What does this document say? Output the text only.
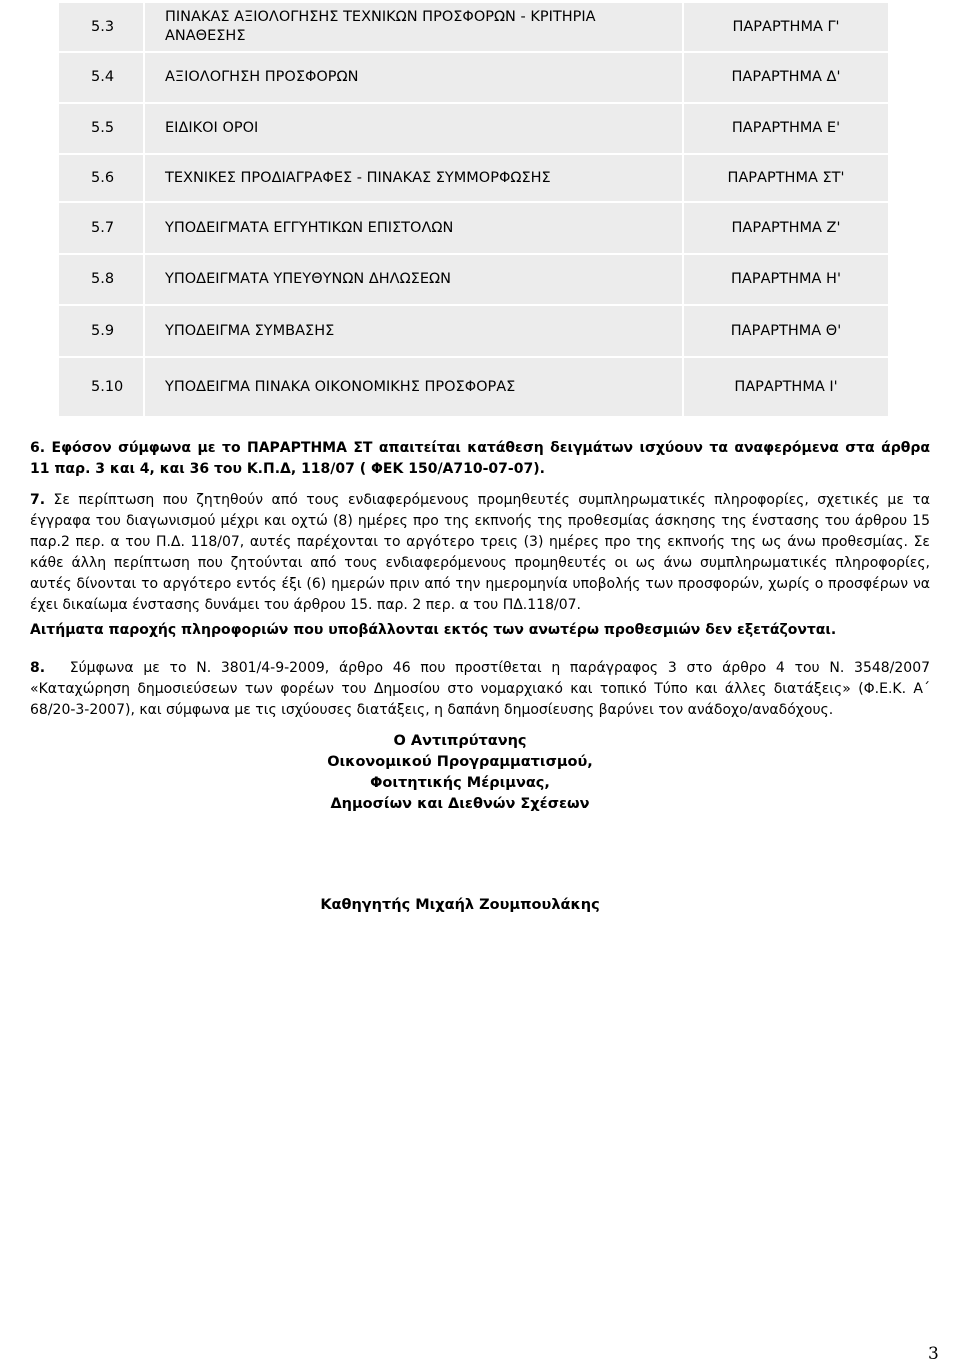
5.3	ΠΙΝΑΚΑΣ ΑΞΙΟΛΟΓΗΣΗΣ ΤΕΧΝΙΚΩΝ ΠΡΟΣΦΟΡΩΝ - ΚΡΙΤΗΡΙΑ ΑΝΑΘΕΣΗΣ	ΠΑΡΑΡΤΗΜΑ Γ'
5.4	ΑΞΙΟΛΟΓΗΣΗ ΠΡΟΣΦΟΡΩΝ	ΠΑΡΑΡΤΗΜΑ Δ'
5.5	ΕΙΔΙΚΟΙ ΟΡΟΙ	ΠΑΡΑΡΤΗΜΑ Ε'
5.6	ΤΕΧΝΙΚΕΣ ΠΡΟΔΙΑΓΡΑΦΕΣ - ΠΙΝΑΚΑΣ ΣΥΜΜΟΡΦΩΣΗΣ	ΠΑΡΑΡΤΗΜΑ ΣΤ'
5.7	ΥΠΟΔΕΙΓΜΑΤΑ ΕΓΓΥΗΤΙΚΩΝ ΕΠΙΣΤΟΛΩΝ	ΠΑΡΑΡΤΗΜΑ Ζ'
5.8	ΥΠΟΔΕΙΓΜΑΤΑ ΥΠΕΥΘΥΝΩΝ ΔΗΛΩΣΕΩΝ	ΠΑΡΑΡΤΗΜΑ Η'
5.9	ΥΠΟΔΕΙΓΜΑ ΣΥΜΒΑΣΗΣ	ΠΑΡΑΡΤΗΜΑ Θ'
5.10	ΥΠΟΔΕΙΓΜΑ ΠΙΝΑΚΑ ΟΙΚΟΝΟΜΙΚΗΣ ΠΡΟΣΦΟΡΑΣ	ΠΑΡΑΡΤΗΜΑ Ι'
6. Εφόσον σύμφωνα με το ΠΑΡΑΡΤΗΜΑ ΣΤ απαιτείται κατάθεση δειγμάτων ισχύουν τα αναφερόμενα στα άρθρα 11 παρ. 3 και 4, και 36 του Κ.Π.Δ, 118/07 ( ΦΕΚ 150/Α710-07-07).
7. Σε περίπτωση που ζητηθούν από τους ενδιαφερόμενους προμηθευτές συμπληρωματικές πληροφορίες, σχετικές με τα έγγραφα του διαγωνισμού μέχρι και οχτώ (8) ημέρες προ της εκπνοής της προθεσμίας άσκησης της ένστασης του άρθρου 15 παρ.2 περ. α του Π.Δ. 118/07, αυτές παρέχονται το αργότερο τρεις (3) ημέρες προ της εκπνοής της ως άνω προθεσμίας. Σε κάθε άλλη περίπτωση που ζητούνται από τους ενδιαφερόμενους προμηθευτές οι ως άνω συμπληρωματικές πληροφορίες, αυτές δίνονται το αργότερο εντός έξι (6) ημερών πριν από την ημερομηνία υποβολής των προσφορών, χωρίς ο προσφέρων να έχει δικαίωμα ένστασης δυνάμει του άρθρου 15. παρ. 2 περ. α του ΠΔ.118/07.
Αιτήματα παροχής πληροφοριών που υποβάλλονται εκτός των ανωτέρω προθεσμιών δεν εξετάζονται.
8. Σύμφωνα με το Ν. 3801/4-9-2009, άρθρο 46 που προστίθεται η παράγραφος 3 στο άρθρο 4 του Ν. 3548/2007 «Καταχώρηση δημοσιεύσεων των φορέων του Δημοσίου στο νομαρχιακό και τοπικό Τύπο και άλλες διατάξεις» (Φ.Ε.Κ. Α΄ 68/20-3-2007), και σύμφωνα με τις ισχύουσες διατάξεις, η δαπάνη δημοσίευσης βαρύνει τον ανάδοχο/αναδόχους.
Ο Αντιπρύτανης
Οικονομικού Προγραμματισμού,
Φοιτητικής Μέριμνας,
Δημοσίων και Διεθνών Σχέσεων
Καθηγητής Μιχαήλ Ζουμπουλάκης
3
